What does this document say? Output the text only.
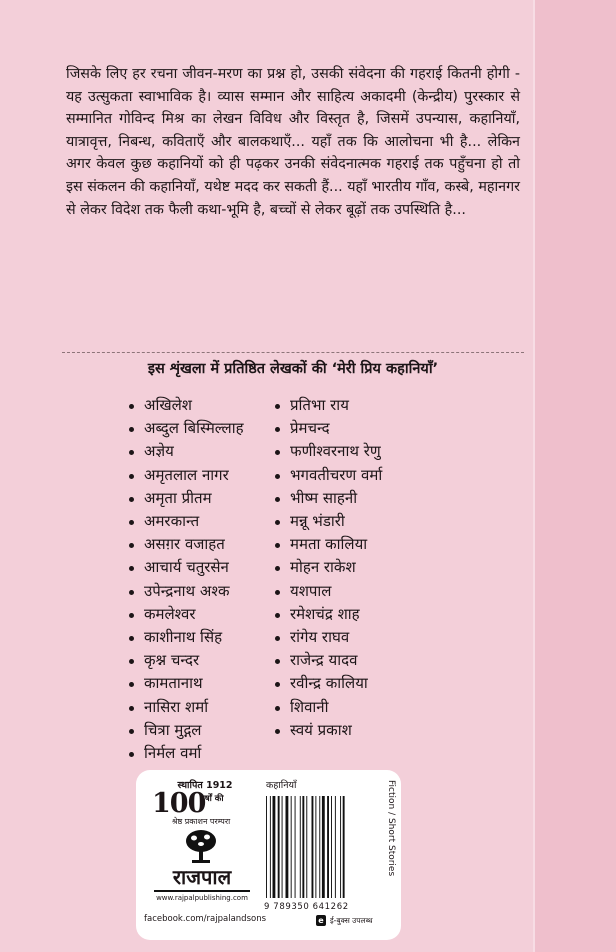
जिसके लिए हर रचना जीवन-मरण का प्रश्न हो, उसकी संवेदना की गहराई कितनी होगी - यह उत्सुकता स्वाभाविक है। व्यास सम्मान और साहित्य अकादमी (केन्द्रीय) पुरस्कार से सम्मानित गोविन्द मिश्र का लेखन विविध और विस्तृत है, जिसमें उपन्यास, कहानियाँ, यात्रावृत्त, निबन्ध, कविताएँ और बालकथाएँ... यहाँ तक कि आलोचना भी है... लेकिन अगर केवल कुछ कहानियों को ही पढ़कर उनकी संवेदनात्मक गहराई तक पहुँचना हो तो इस संकलन की कहानियाँ, यथेष्ट मदद कर सकती हैं... यहाँ भारतीय गाँव, कस्बे, महानगर से लेकर विदेश तक फैली कथा-भूमि है, बच्चों से लेकर बूढ़ों तक उपस्थिति है...

इस शृंखला में प्रतिष्ठित लेखकों की ‘मेरी प्रिय कहानियाँ’
अखिलेश
अब्दुल बिस्मिल्लाह
अज्ञेय
अमृतलाल नागर
अमृता प्रीतम
अमरकान्त
असग़र वजाहत
आचार्य चतुरसेन
उपेन्द्रनाथ अश्क
कमलेश्वर
काशीनाथ सिंह
कृश्न चन्दर
कामतानाथ
नासिरा शर्मा
चित्रा मुद्गल
निर्मल वर्मा
प्रतिभा राय
प्रेमचन्द
फणीश्वरनाथ रेणु
भगवतीचरण वर्मा
भीष्म साहनी
मन्नू भंडारी
ममता कालिया
मोहन राकेश
यशपाल
रमेशचंद्र शाह
रांगेय राघव
राजेन्द्र यादव
रवीन्द्र कालिया
शिवानी
स्वयं प्रकाश
स्थापित 1912
100
वर्षों की
श्रेष्ठ प्रकाशन परम्परा
राजपाल
www.rajpalpublishing.com
facebook.com/rajpalandsons
कहानियाँ
9 789350 641262
e ई-बुक्स उपलब्ध
Fiction / Short Stories
